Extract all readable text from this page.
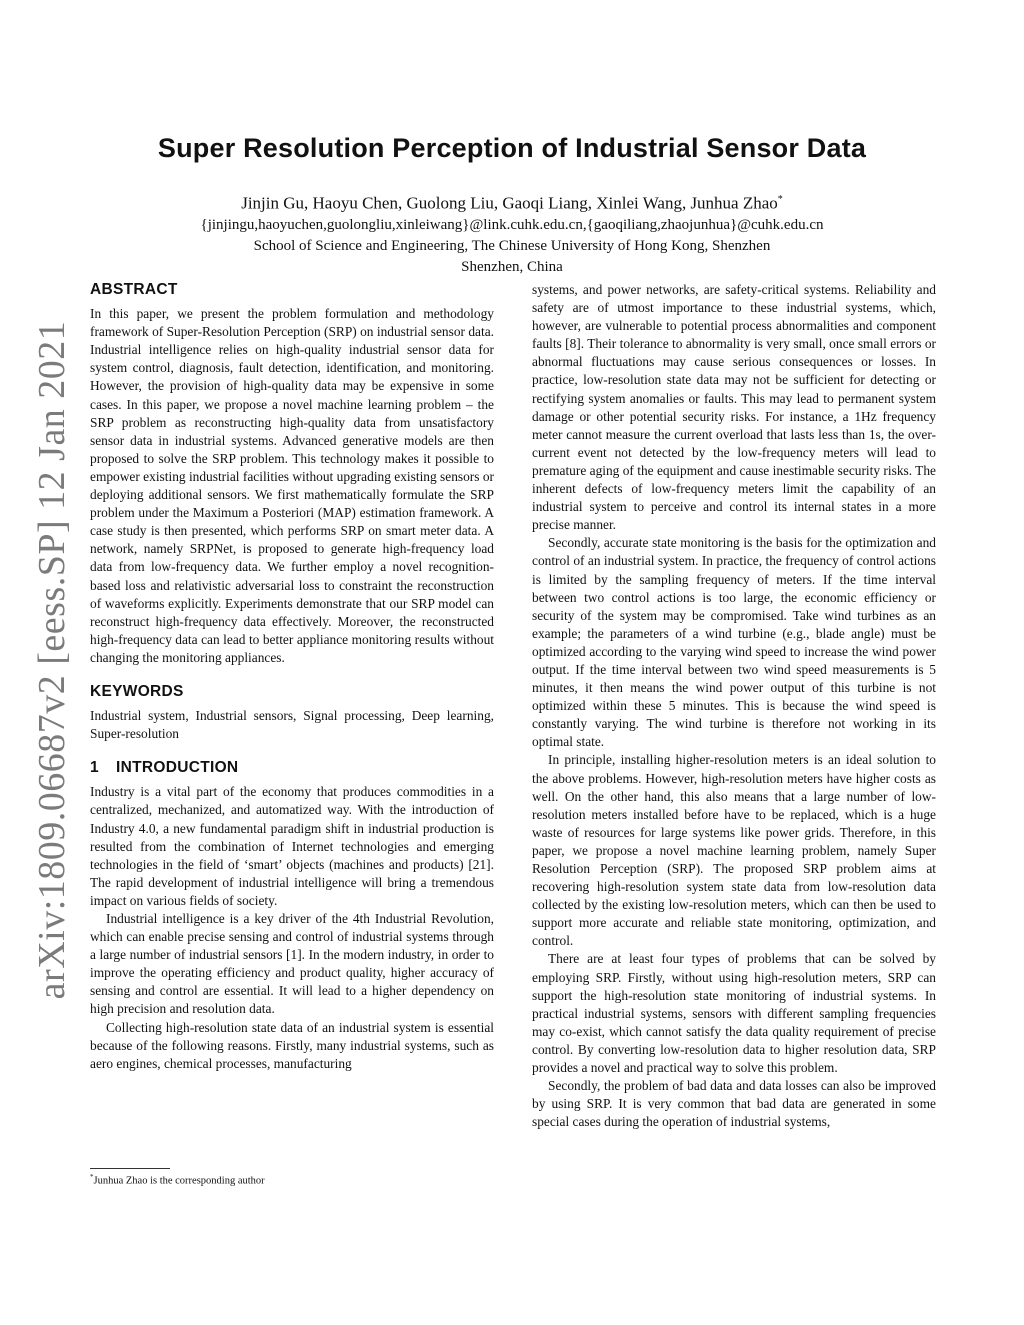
arXiv:1809.06687v2 [eess.SP] 12 Jan 2021
Super Resolution Perception of Industrial Sensor Data
Jinjin Gu, Haoyu Chen, Guolong Liu, Gaoqi Liang, Xinlei Wang, Junhua Zhao*
{jinjingu,haoyuchen,guolongliu,xinleiwang}@link.cuhk.edu.cn,{gaoqiliang,zhaojunhua}@cuhk.edu.cn
School of Science and Engineering, The Chinese University of Hong Kong, Shenzhen
Shenzhen, China
ABSTRACT

In this paper, we present the problem formulation and methodology framework of Super-Resolution Perception (SRP) on industrial sensor data. Industrial intelligence relies on high-quality industrial sensor data for system control, diagnosis, fault detection, identification, and monitoring. However, the provision of high-quality data may be expensive in some cases. In this paper, we propose a novel machine learning problem – the SRP problem as reconstructing high-quality data from unsatisfactory sensor data in industrial systems. Advanced generative models are then proposed to solve the SRP problem. This technology makes it possible to empower existing industrial facilities without upgrading existing sensors or deploying additional sensors. We first mathematically formulate the SRP problem under the Maximum a Posteriori (MAP) estimation framework. A case study is then presented, which performs SRP on smart meter data. A network, namely SRPNet, is proposed to generate high-frequency load data from low-frequency data. We further employ a novel recognition-based loss and relativistic adversarial loss to constraint the reconstruction of waveforms explicitly. Experiments demonstrate that our SRP model can reconstruct high-frequency data effectively. Moreover, the reconstructed high-frequency data can lead to better appliance monitoring results without changing the monitoring appliances.

KEYWORDS

Industrial system, Industrial sensors, Signal processing, Deep learning, Super-resolution

1 INTRODUCTION

Industry is a vital part of the economy that produces commodities in a centralized, mechanized, and automatized way. With the introduction of Industry 4.0, a new fundamental paradigm shift in industrial production is resulted from the combination of Internet technologies and emerging technologies in the field of ‘smart’ objects (machines and products) [21]. The rapid development of industrial intelligence will bring a tremendous impact on various fields of society.

Industrial intelligence is a key driver of the 4th Industrial Revolution, which can enable precise sensing and control of industrial systems through a large number of industrial sensors [1]. In the modern industry, in order to improve the operating efficiency and product quality, higher accuracy of sensing and control are essential. It will lead to a higher dependency on high precision and resolution data.

Collecting high-resolution state data of an industrial system is essential because of the following reasons. Firstly, many industrial systems, such as aero engines, chemical processes, manufacturing

systems, and power networks, are safety-critical systems. Reliability and safety are of utmost importance to these industrial systems, which, however, are vulnerable to potential process abnormalities and component faults [8]. Their tolerance to abnormality is very small, once small errors or abnormal fluctuations may cause serious consequences or losses. In practice, low-resolution state data may not be sufficient for detecting or rectifying system anomalies or faults. This may lead to permanent system damage or other potential security risks. For instance, a 1Hz frequency meter cannot measure the current overload that lasts less than 1s, the over-current event not detected by the low-frequency meters will lead to premature aging of the equipment and cause inestimable security risks. The inherent defects of low-frequency meters limit the capability of an industrial system to perceive and control its internal states in a more precise manner.

Secondly, accurate state monitoring is the basis for the optimization and control of an industrial system. In practice, the frequency of control actions is limited by the sampling frequency of meters. If the time interval between two control actions is too large, the economic efficiency or security of the system may be compromised. Take wind turbines as an example; the parameters of a wind turbine (e.g., blade angle) must be optimized according to the varying wind speed to increase the wind power output. If the time interval between two wind speed measurements is 5 minutes, it then means the wind power output of this turbine is not optimized within these 5 minutes. This is because the wind speed is constantly varying. The wind turbine is therefore not working in its optimal state.

In principle, installing higher-resolution meters is an ideal solution to the above problems. However, high-resolution meters have higher costs as well. On the other hand, this also means that a large number of low-resolution meters installed before have to be replaced, which is a huge waste of resources for large systems like power grids. Therefore, in this paper, we propose a novel machine learning problem, namely Super Resolution Perception (SRP). The proposed SRP problem aims at recovering high-resolution system state data from low-resolution data collected by the existing low-resolution meters, which can then be used to support more accurate and reliable state monitoring, optimization, and control.

There are at least four types of problems that can be solved by employing SRP. Firstly, without using high-resolution meters, SRP can support the high-resolution state monitoring of industrial systems. In practical industrial systems, sensors with different sampling frequencies may co-exist, which cannot satisfy the data quality requirement of precise control. By converting low-resolution data to higher resolution data, SRP provides a novel and practical way to solve this problem.

Secondly, the problem of bad data and data losses can also be improved by using SRP. It is very common that bad data are generated in some special cases during the operation of industrial systems,

*Junhua Zhao is the corresponding author
